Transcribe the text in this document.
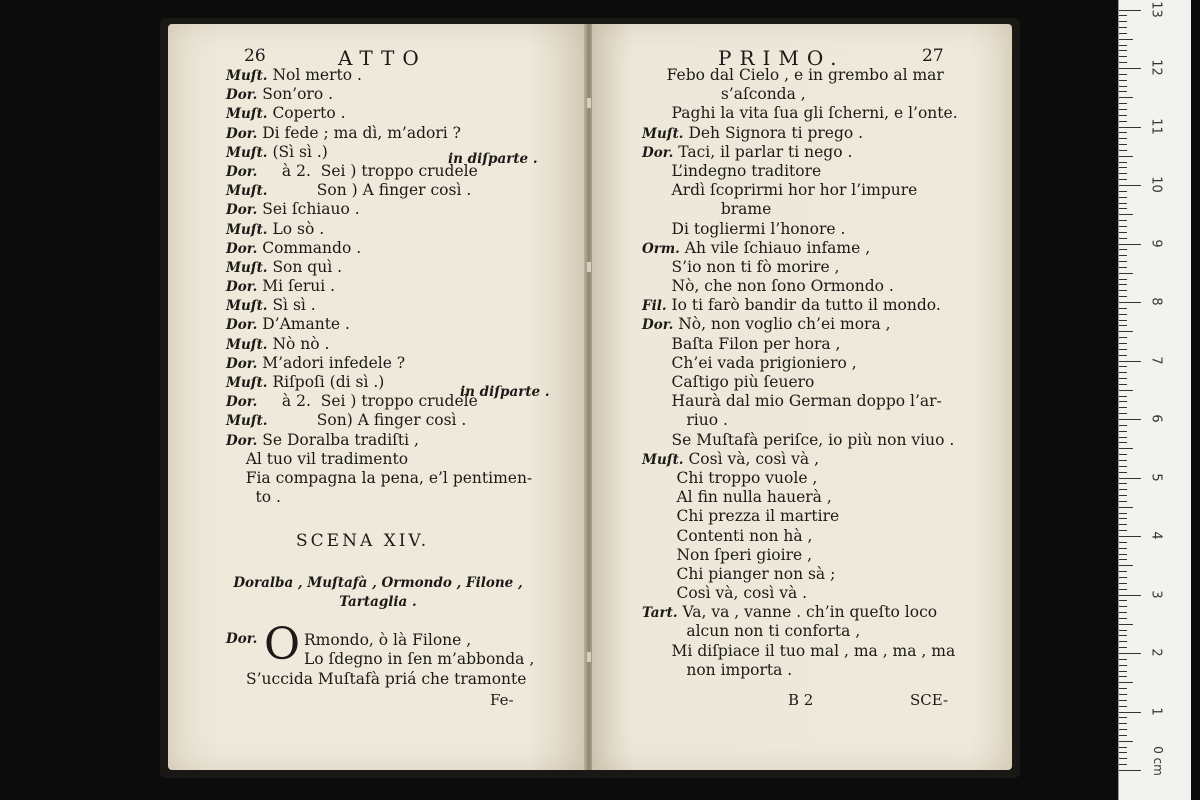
26	ATTO
Muſt. Nol merto .
Dor. Son’oro .
Muſt. Coperto .
Dor. Di fede ; ma dì, m’adori ?
Muſt. (Sì sì .)
Dor.     à 2.  Sei ) troppo crudele
Muſt.          Son ) A finger così .
Dor. Sei ſchiauo .
Muſt. Lo sò .
Dor. Commando .
Muſt. Son quì .
Dor. Mi ſerui .
Muſt. Sì sì .
Dor. D’Amante .
Muſt. Nò nò .
Dor. M’adori infedele ?
Muſt. Riſpoſi (di sì .)
Dor.     à 2.  Sei ) troppo crudele
Muſt.          Son) A finger così .
Dor. Se Doralba tradiſti ,
Al tuo vil tradimento
Fia compagna la pena, e’l pentimen-
to .
in diſparte .
in diſparte .
SCENA XIV.
Doralba , Muſtafà , Ormondo , Filone ,
Tartaglia .
Dor. O Rmondo, ò là Filone ,
Lo ſdegno in ſen m’abbonda ,
S’uccida Muſtafà priá che tramonte
Fe-
PRIMO.	27
Febo dal Cielo , e in grembo al mar
s’aſconda ,
Paghi la vita ſua gli ſcherni, e l’onte.
Muſt. Deh Signora ti prego .
Dor. Taci, il parlar ti nego .
L’indegno traditore
Ardì ſcoprirmi hor hor l’impure
brame
Di togliermi l’honore .
Orm. Ah vile ſchiauo infame ,
S’io non ti fò morire ,
Nò, che non ſono Ormondo .
Fil. Io ti farò bandir da tutto il mondo.
Dor. Nò, non voglio ch’ei mora ,
Baſta Filon per hora ,
Ch’ei vada prigioniero ,
Caſtigo più ſeuero
Haurà dal mio German doppo l’ar-
riuo .
Se Muſtafà periſce, io più non viuo .
Muſt. Così và, così và ,
Chi troppo vuole ,
Al fin nulla hauerà ,
Chi prezza il martire
Contenti non hà ,
Non ſperi gioire ,
Chi pianger non sà ;
Così và, così và .
Tart. Va, va , vanne . ch’in queſto loco
alcun non ti conforta ,
Mi diſpiace il tuo mal , ma , ma , ma
non importa .
B 2	SCE-
0 cm
1
2
3
4
5
6
7
8
9
10
11
12
13
